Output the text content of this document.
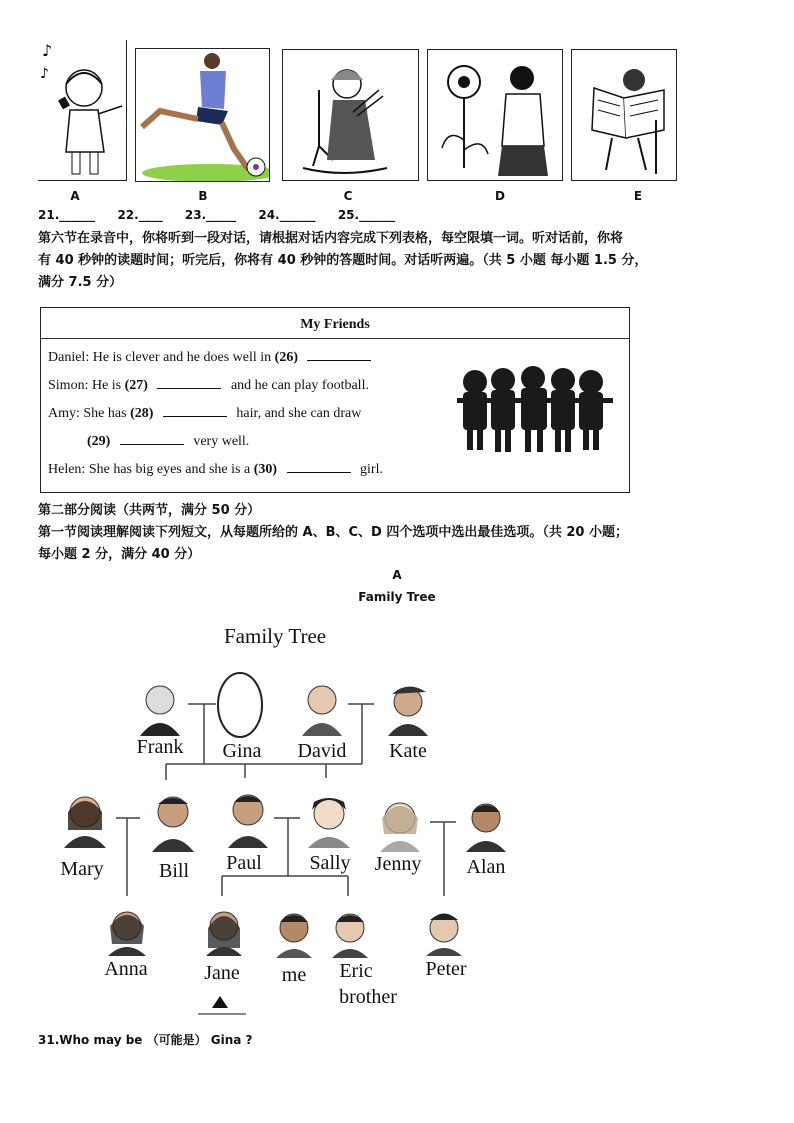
♪
♪
A	B	C	D	E
21.______ 22.____ 23._____ 24.______ 25.______
第六节在录音中，你将听到一段对话，请根据对话内容完成下列表格，每空限填一词。听对话前，你将
有 40 秒钟的读题时间；听完后，你将有 40 秒钟的答题时间。对话听两遍。（共 5 小题 每小题 1.5 分，
满分 7.5 分）
My Friends
Daniel: He is clever and he does well in (26)
Simon: He is (27)	and he can play football.
Amy: She has (28)	hair, and she can draw
(29)	very well.
Helen: She has big eyes and she is a (30)	girl.
第二部分阅读（共两节，满分 50 分）
第一节阅读理解阅读下列短文，从每题所给的 A、B、C、D 四个选项中选出最佳选项。（共 20 小题；
每小题 2 分，满分 40 分）
A
Family Tree
Family Tree
Frank	Gina	David	Kate
Mary	Bill	Paul	Sally	Jenny	Alan
Anna	Jane	me	Eric
brother
Peter
31.Who may be （可能是） Gina ?
